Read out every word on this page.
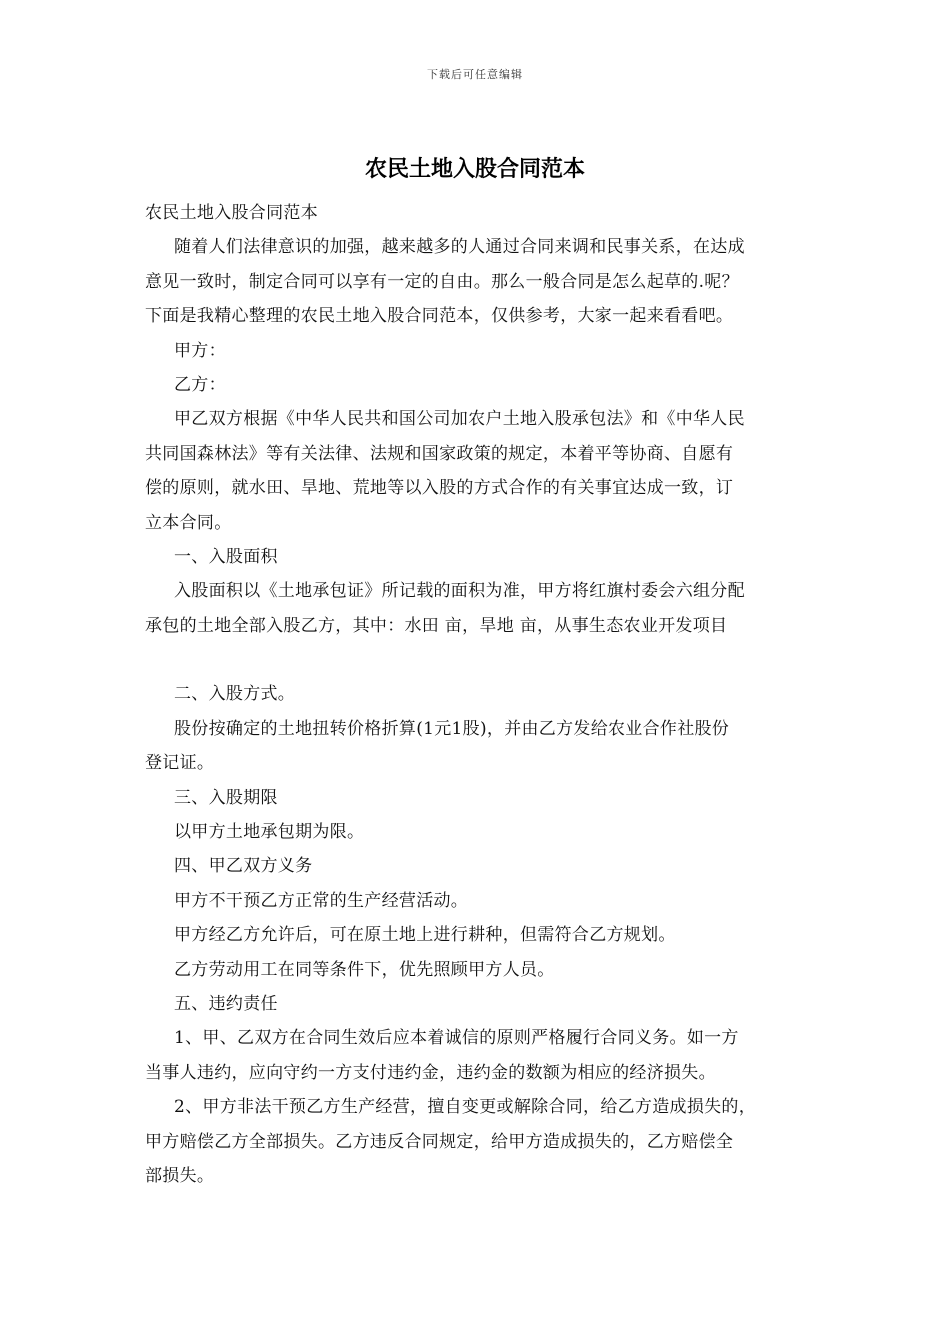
下载后可任意编辑
农民土地入股合同范本
农民土地入股合同范本
随着人们法律意识的加强，越来越多的人通过合同来调和民事关系，在达成
意见一致时，制定合同可以享有一定的自由。那么一般合同是怎么起草的.呢？
下面是我精心整理的农民土地入股合同范本，仅供参考，大家一起来看看吧。
甲方：
乙方：
甲乙双方根据《中华人民共和国公司加农户土地入股承包法》和《中华人民
共同国森林法》等有关法律、法规和国家政策的规定，本着平等协商、自愿有
偿的原则，就水田、旱地、荒地等以入股的方式合作的有关事宜达成一致，订
立本合同。
一、入股面积
入股面积以《土地承包证》所记载的面积为准，甲方将红旗村委会六组分配
承包的土地全部入股乙方，其中：水田 亩，旱地 亩，从事生态农业开发项目
二、入股方式。
股份按确定的土地扭转价格折算(1元1股)，并由乙方发给农业合作社股份
登记证。
三、入股期限
以甲方土地承包期为限。
四、甲乙双方义务
甲方不干预乙方正常的生产经营活动。
甲方经乙方允许后，可在原土地上进行耕种，但需符合乙方规划。
乙方劳动用工在同等条件下，优先照顾甲方人员。
五、违约责任
1、甲、乙双方在合同生效后应本着诚信的原则严格履行合同义务。如一方
当事人违约，应向守约一方支付违约金，违约金的数额为相应的经济损失。
2、甲方非法干预乙方生产经营，擅自变更或解除合同，给乙方造成损失的，
甲方赔偿乙方全部损失。乙方违反合同规定，给甲方造成损失的，乙方赔偿全
部损失。
